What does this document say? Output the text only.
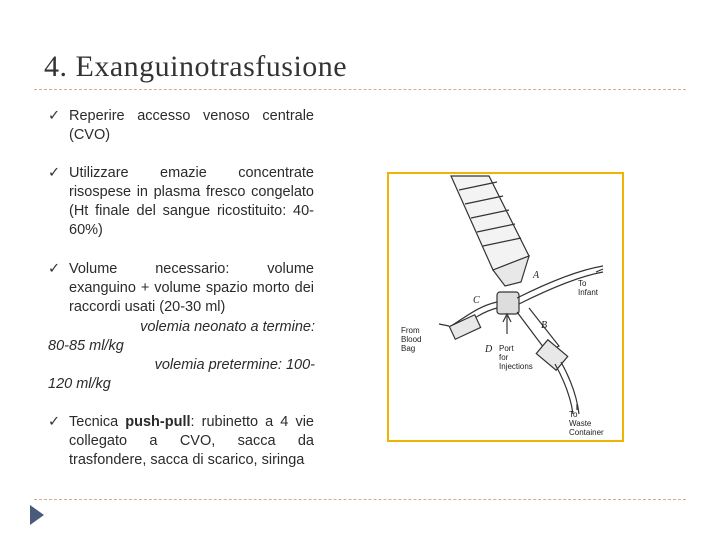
4. Exanguinotrasfusione
✓ Reperire accesso venoso centrale (CVO)
✓ Utilizzare emazie concentrate risospese in plasma fresco congelato (Ht finale del sangue ricostituito: 40-60%)
✓ Volume necessario: volume exanguino + volume spazio morto dei raccordi usati (20-30 ml)
volemia neonato a termine:
80-85 ml/kg
volemia pretermine: 100-
120 ml/kg
✓ Tecnica push-pull: rubinetto a 4 vie collegato a CVO, sacca da trasfondere, sacca di scarico, siringa
A
B
C
D
To
Infant
From
Blood
Bag	Port
for
Injections
To
Waste
Container
